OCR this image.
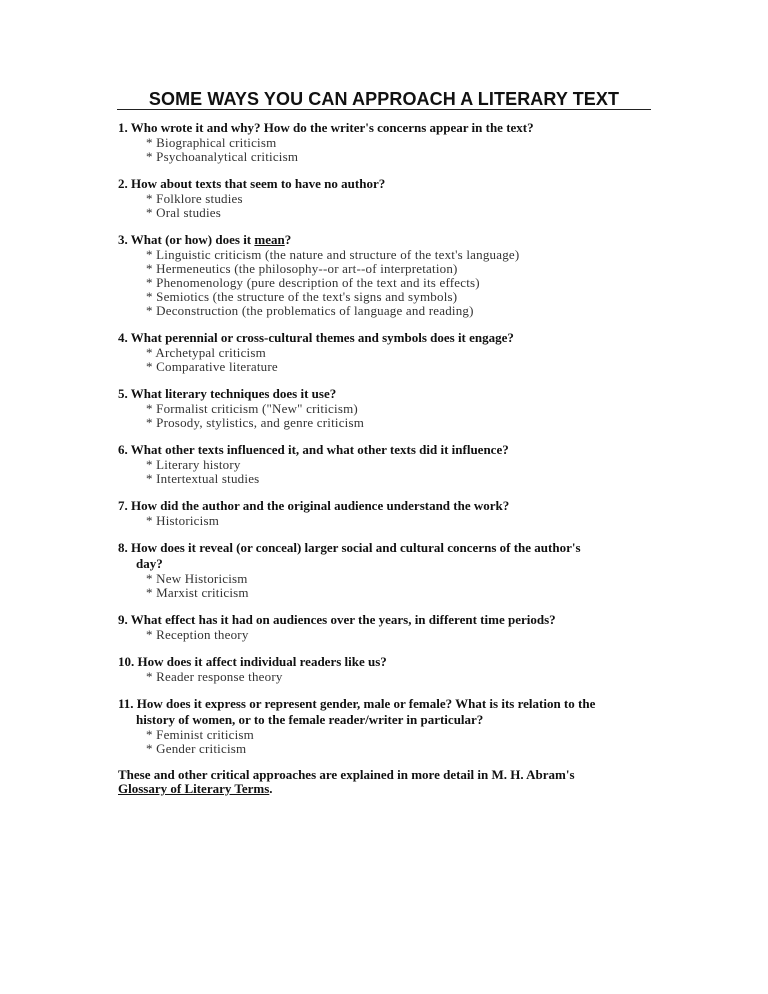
SOME WAYS YOU CAN APPROACH A LITERARY TEXT
1. Who wrote it and why? How do the writer's concerns appear in the text?
* Biographical criticism
* Psychoanalytical criticism
2. How about texts that seem to have no author?
* Folklore studies
* Oral studies
3. What (or how) does it mean?
* Linguistic criticism (the nature and structure of the text's language)
* Hermeneutics (the philosophy--or art--of interpretation)
* Phenomenology (pure description of the text and its effects)
* Semiotics (the structure of the text's signs and symbols)
* Deconstruction (the problematics of language and reading)
4. What perennial or cross-cultural themes and symbols does it engage?
* Archetypal criticism
* Comparative literature
5. What literary techniques does it use?
* Formalist criticism ("New" criticism)
* Prosody, stylistics, and genre criticism
6. What other texts influenced it, and what other texts did it influence?
* Literary history
* Intertextual studies
7. How did the author and the original audience understand the work?
* Historicism
8. How does it reveal (or conceal) larger social and cultural concerns of the author's
day?
* New Historicism
* Marxist criticism
9. What effect has it had on audiences over the years, in different time periods?
* Reception theory
10. How does it affect individual readers like us?
* Reader response theory
11. How does it express or represent gender, male or female? What is its relation to the
history of women, or to the female reader/writer in particular?
* Feminist criticism
* Gender criticism
These and other critical approaches are explained in more detail in M. H. Abram's
Glossary of Literary Terms.
